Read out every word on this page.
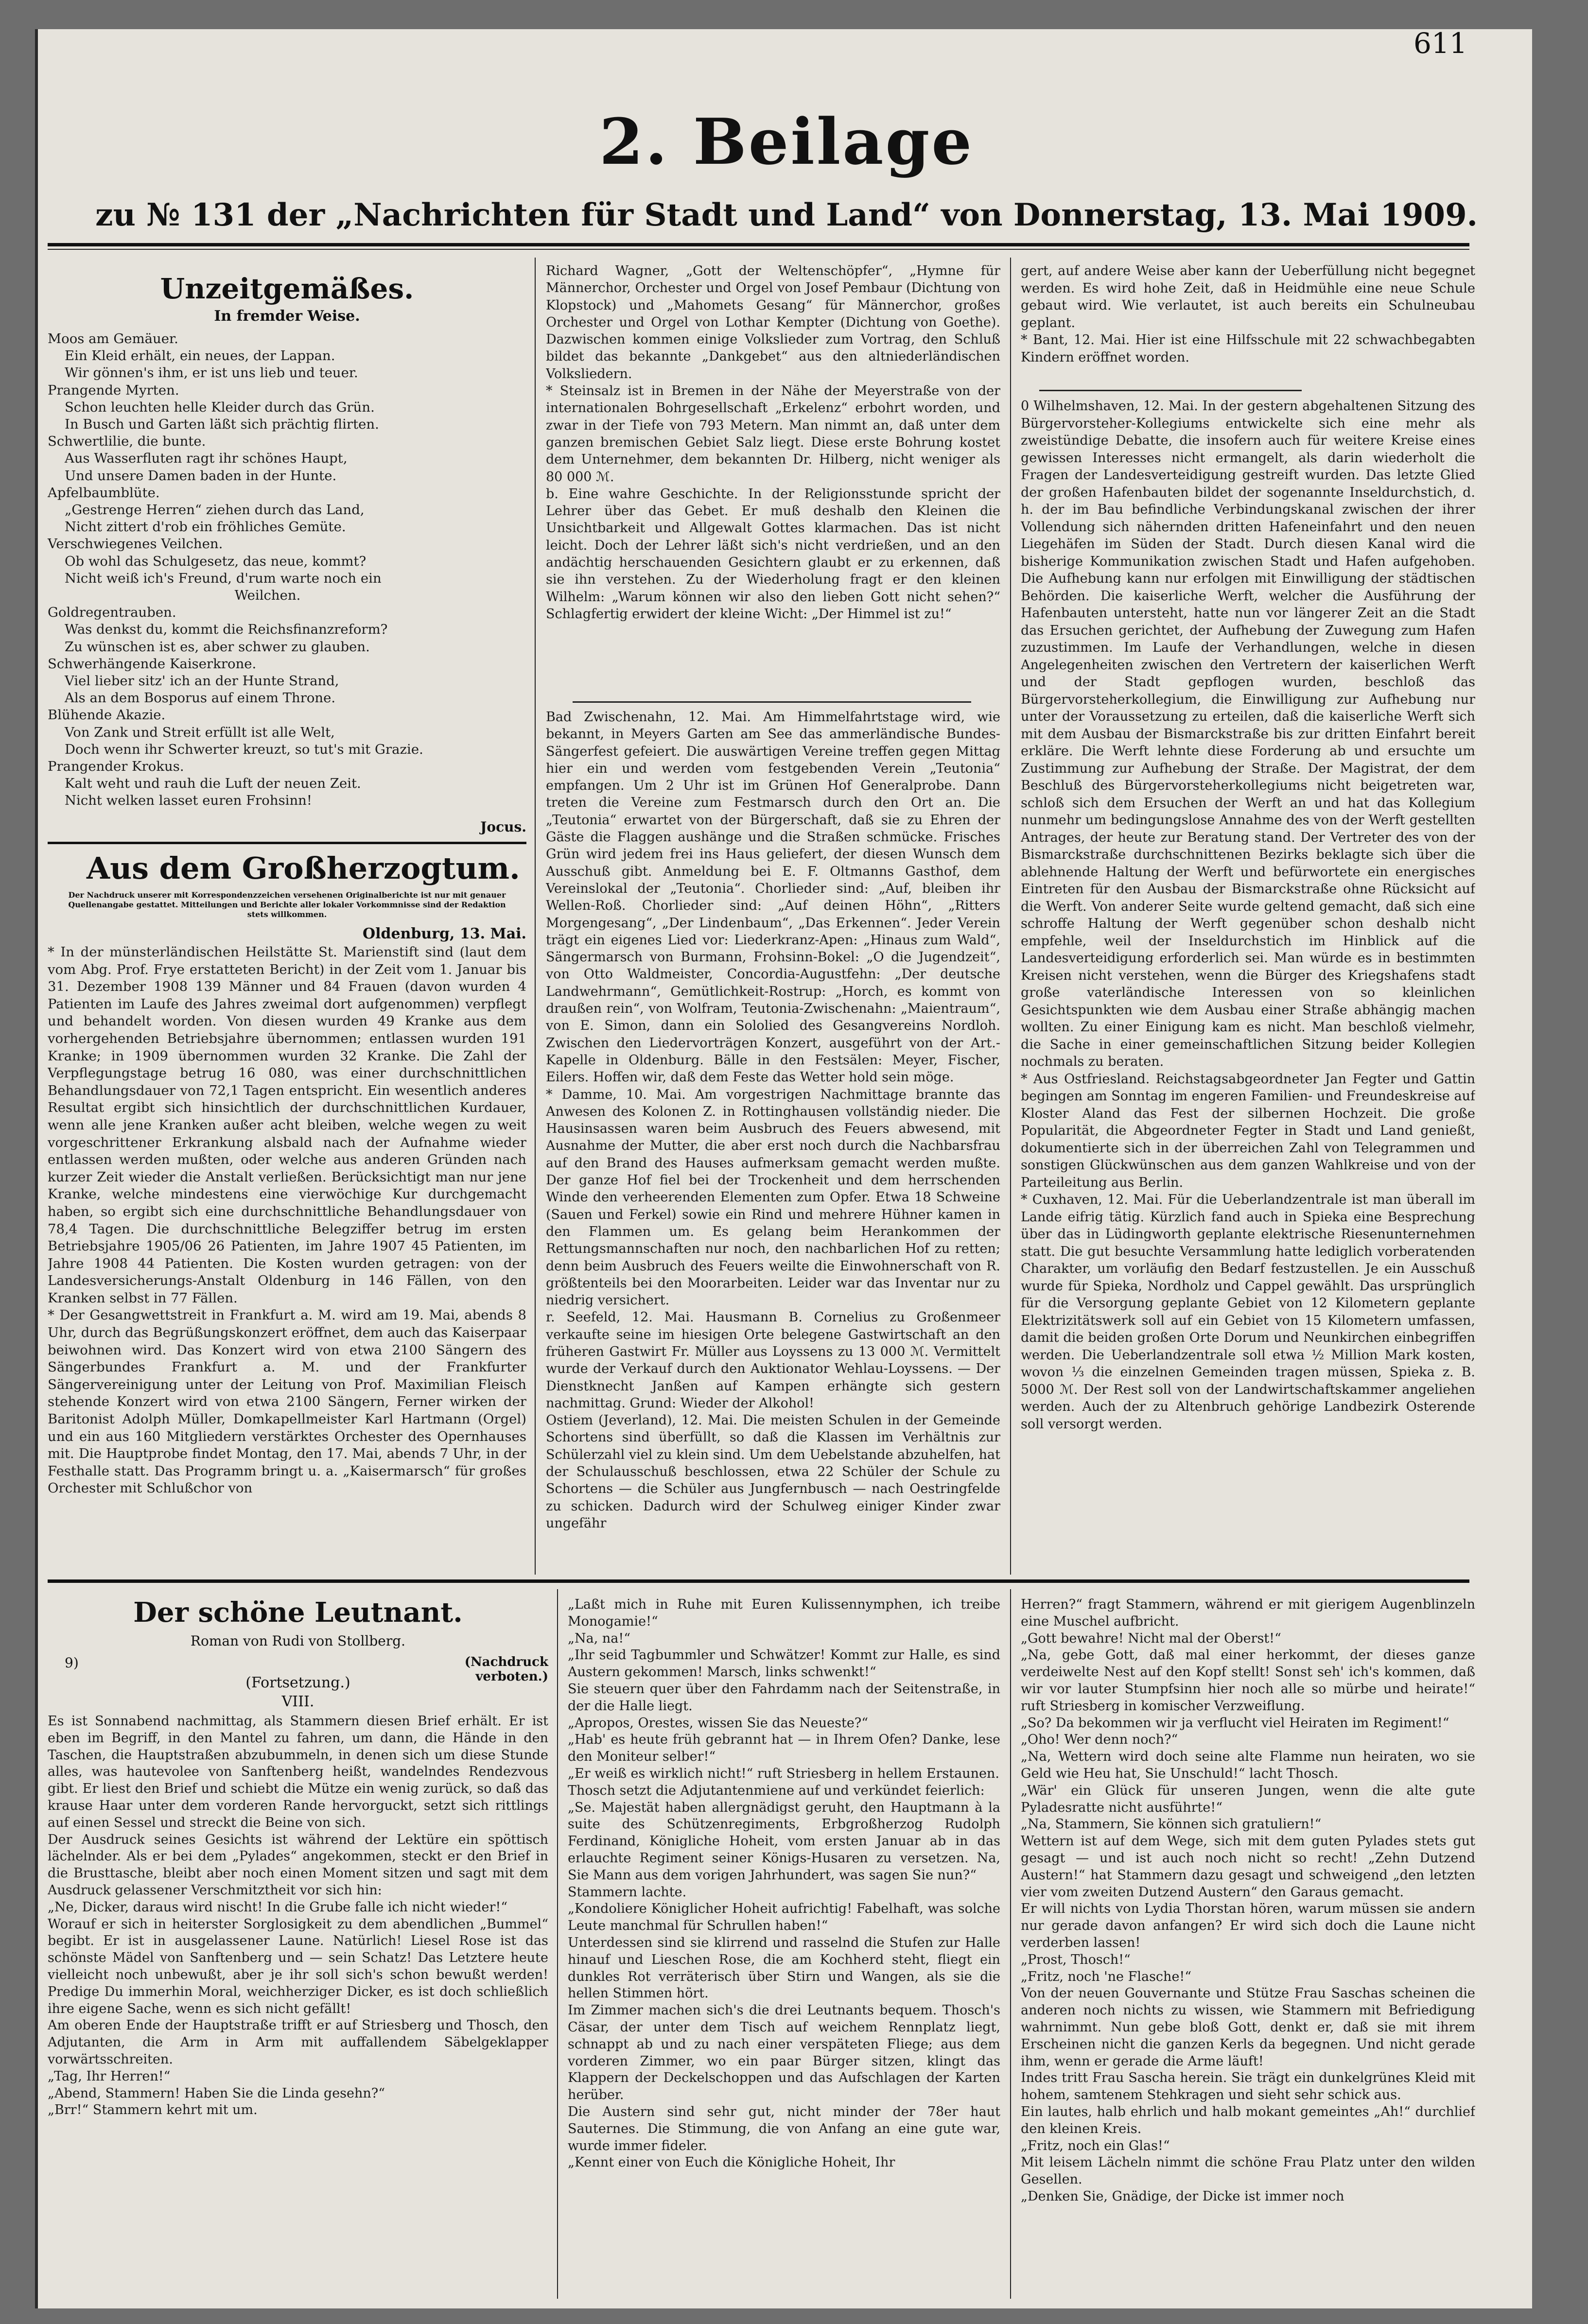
611
2. Beilage
zu № 131 der „Nachrichten für Stadt und Land“ von Donnerstag, 13. Mai 1909.
Unzeitgemäßes.
In fremder Weise.
Moos am Gemäuer.
Ein Kleid erhält, ein neues, der Lappan.
Wir gönnen's ihm, er ist uns lieb und teuer.
Prangende Myrten.
Schon leuchten helle Kleider durch das Grün.
In Busch und Garten läßt sich prächtig flirten.
Schwertlilie, die bunte.
Aus Wasserfluten ragt ihr schönes Haupt,
Und unsere Damen baden in der Hunte.
Apfelbaumblüte.
„Gestrenge Herren“ ziehen durch das Land,
Nicht zittert d'rob ein fröhliches Gemüte.
Verschwiegenes Veilchen.
Ob wohl das Schulgesetz, das neue, kommt?
Nicht weiß ich's Freund, d'rum warte noch ein
Weilchen.
Goldregentrauben.
Was denkst du, kommt die Reichsfinanzreform?
Zu wünschen ist es, aber schwer zu glauben.
Schwerhängende Kaiserkrone.
Viel lieber sitz' ich an der Hunte Strand,
Als an dem Bosporus auf einem Throne.
Blühende Akazie.
Von Zank und Streit erfüllt ist alle Welt,
Doch wenn ihr Schwerter kreuzt, so tut's mit Grazie.
Prangender Krokus.
Kalt weht und rauh die Luft der neuen Zeit.
Nicht welken lasset euren Frohsinn!
Jocus.
Aus dem Großherzogtum.
Der Nachdruck unserer mit Korrespondenzzeichen versehenen Originalberichte ist nur mit genauer Quellenangabe gestattet. Mitteilungen und Berichte aller lokaler Vorkommnisse sind der Redaktion stets willkommen.
Oldenburg, 13. Mai.

* In der münsterländischen Heilstätte St. Marienstift sind (laut dem vom Abg. Prof. Frye erstatteten Bericht) in der Zeit vom 1. Januar bis 31. Dezember 1908 139 Männer und 84 Frauen (davon wurden 4 Patienten im Laufe des Jahres zweimal dort aufgenommen) verpflegt und behandelt worden. Von diesen wurden 49 Kranke aus dem vorhergehenden Betriebsjahre übernommen; entlassen wurden 191 Kranke; in 1909 übernommen wurden 32 Kranke. Die Zahl der Verpflegungstage betrug 16 080, was einer durchschnittlichen Behandlungsdauer von 72,1 Tagen entspricht. Ein wesentlich anderes Resultat ergibt sich hinsichtlich der durchschnittlichen Kurdauer, wenn alle jene Kranken außer acht bleiben, welche wegen zu weit vorgeschrittener Erkrankung alsbald nach der Aufnahme wieder entlassen werden mußten, oder welche aus anderen Gründen nach kurzer Zeit wieder die Anstalt verließen. Berücksichtigt man nur jene Kranke, welche mindestens eine vierwöchige Kur durchgemacht haben, so ergibt sich eine durchschnittliche Behandlungsdauer von 78,4 Tagen. Die durchschnittliche Belegziffer betrug im ersten Betriebsjahre 1905/06 26 Patienten, im Jahre 1907 45 Patienten, im Jahre 1908 44 Patienten. Die Kosten wurden getragen: von der Landesversicherungs-Anstalt Oldenburg in 146 Fällen, von den Kranken selbst in 77 Fällen.
* Der Gesangwettstreit in Frankfurt a. M. wird am 19. Mai, abends 8 Uhr, durch das Begrüßungskonzert eröffnet, dem auch das Kaiserpaar beiwohnen wird. Das Konzert wird von etwa 2100 Sängern des Sängerbundes Frankfurt a. M. und der Frankfurter Sängervereinigung unter der Leitung von Prof. Maximilian Fleisch stehende Konzert wird von etwa 2100 Sängern, Ferner wirken der Baritonist Adolph Müller, Domkapellmeister Karl Hartmann (Orgel) und ein aus 160 Mitgliedern verstärktes Orchester des Opernhauses mit. Die Hauptprobe findet Montag, den 17. Mai, abends 7 Uhr, in der Festhalle statt. Das Programm bringt u. a. „Kaisermarsch“ für großes Orchester mit Schlußchor von

Richard Wagner, „Gott der Weltenschöpfer“, „Hymne für Männerchor, Orchester und Orgel von Josef Pembaur (Dichtung von Klopstock) und „Mahomets Gesang“ für Männerchor, großes Orchester und Orgel von Lothar Kempter (Dichtung von Goethe). Dazwischen kommen einige Volkslieder zum Vortrag, den Schluß bildet das bekannte „Dankgebet“ aus den altniederländischen Volksliedern.
* Steinsalz ist in Bremen in der Nähe der Meyerstraße von der internationalen Bohrgesellschaft „Erkelenz“ erbohrt worden, und zwar in der Tiefe von 793 Metern. Man nimmt an, daß unter dem ganzen bremischen Gebiet Salz liegt. Diese erste Bohrung kostet dem Unternehmer, dem bekannten Dr. Hilberg, nicht weniger als 80 000 ℳ.
b. Eine wahre Geschichte. In der Religionsstunde spricht der Lehrer über das Gebet. Er muß deshalb den Kleinen die Unsichtbarkeit und Allgewalt Gottes klarmachen. Das ist nicht leicht. Doch der Lehrer läßt sich's nicht verdrießen, und an den andächtig herschauenden Gesichtern glaubt er zu erkennen, daß sie ihn verstehen. Zu der Wiederholung fragt er den kleinen Wilhelm: „Warum können wir also den lieben Gott nicht sehen?“ Schlagfertig erwidert der kleine Wicht: „Der Himmel ist zu!“

Bad Zwischenahn, 12. Mai. Am Himmelfahrtstage wird, wie bekannt, in Meyers Garten am See das ammerländische Bundes-Sängerfest gefeiert. Die auswärtigen Vereine treffen gegen Mittag hier ein und werden vom festgebenden Verein „Teutonia“ empfangen. Um 2 Uhr ist im Grünen Hof Generalprobe. Dann treten die Vereine zum Festmarsch durch den Ort an. Die „Teutonia“ erwartet von der Bürgerschaft, daß sie zu Ehren der Gäste die Flaggen aushänge und die Straßen schmücke. Frisches Grün wird jedem frei ins Haus geliefert, der diesen Wunsch dem Ausschuß gibt. Anmeldung bei E. F. Oltmanns Gasthof, dem Vereinslokal der „Teutonia“. Chorlieder sind: „Auf, bleiben ihr Wellen-Roß. Chorlieder sind: „Auf deinen Höhn“, „Ritters Morgengesang“, „Der Lindenbaum“, „Das Erkennen“. Jeder Verein trägt ein eigenes Lied vor: Liederkranz-Apen: „Hinaus zum Wald“, Sängermarsch von Burmann, Frohsinn-Bokel: „O die Jugendzeit“, von Otto Waldmeister, Concordia-Augustfehn: „Der deutsche Landwehrmann“, Gemütlichkeit-Rostrup: „Horch, es kommt von draußen rein“, von Wolfram, Teutonia-Zwischenahn: „Maientraum“, von E. Simon, dann ein Sololied des Gesangvereins Nordloh. Zwischen den Liedervorträgen Konzert, ausgeführt von der Art.-Kapelle in Oldenburg. Bälle in den Festsälen: Meyer, Fischer, Eilers. Hoffen wir, daß dem Feste das Wetter hold sein möge.
* Damme, 10. Mai. Am vorgestrigen Nachmittage brannte das Anwesen des Kolonen Z. in Rottinghausen vollständig nieder. Die Hausinsassen waren beim Ausbruch des Feuers abwesend, mit Ausnahme der Mutter, die aber erst noch durch die Nachbarsfrau auf den Brand des Hauses aufmerksam gemacht werden mußte. Der ganze Hof fiel bei der Trockenheit und dem herrschenden Winde den verheerenden Elementen zum Opfer. Etwa 18 Schweine (Sauen und Ferkel) sowie ein Rind und mehrere Hühner kamen in den Flammen um. Es gelang beim Herankommen der Rettungsmannschaften nur noch, den nachbarlichen Hof zu retten; denn beim Ausbruch des Feuers weilte die Einwohnerschaft von R. größtenteils bei den Moorarbeiten. Leider war das Inventar nur zu niedrig versichert.
r. Seefeld, 12. Mai. Hausmann B. Cornelius zu Großenmeer verkaufte seine im hiesigen Orte belegene Gastwirtschaft an den früheren Gastwirt Fr. Müller aus Loyssens zu 13 000 ℳ. Vermittelt wurde der Verkauf durch den Auktionator Wehlau-Loyssens. — Der Dienstknecht Janßen auf Kampen erhängte sich gestern nachmittag. Grund: Wieder der Alkohol!
Ostiem (Jeverland), 12. Mai. Die meisten Schulen in der Gemeinde Schortens sind überfüllt, so daß die Klassen im Verhältnis zur Schülerzahl viel zu klein sind. Um dem Uebelstande abzuhelfen, hat der Schulausschuß beschlossen, etwa 22 Schüler der Schule zu Schortens — die Schüler aus Jungfernbusch — nach Oestringfelde zu schicken. Dadurch wird der Schulweg einiger Kinder zwar ungefähr

gert, auf andere Weise aber kann der Ueberfüllung nicht begegnet werden. Es wird hohe Zeit, daß in Heidmühle eine neue Schule gebaut wird. Wie verlautet, ist auch bereits ein Schulneubau geplant.
* Bant, 12. Mai. Hier ist eine Hilfsschule mit 22 schwachbegabten Kindern eröffnet worden.

0 Wilhelmshaven, 12. Mai. In der gestern abgehaltenen Sitzung des Bürgervorsteher-Kollegiums entwickelte sich eine mehr als zweistündige Debatte, die insofern auch für weitere Kreise eines gewissen Interesses nicht ermangelt, als darin wiederholt die Fragen der Landesverteidigung gestreift wurden. Das letzte Glied der großen Hafenbauten bildet der sogenannte Inseldurchstich, d. h. der im Bau befindliche Verbindungskanal zwischen der ihrer Vollendung sich nähernden dritten Hafeneinfahrt und den neuen Liegehäfen im Süden der Stadt. Durch diesen Kanal wird die bisherige Kommunikation zwischen Stadt und Hafen aufgehoben. Die Aufhebung kann nur erfolgen mit Einwilligung der städtischen Behörden. Die kaiserliche Werft, welcher die Ausführung der Hafenbauten untersteht, hatte nun vor längerer Zeit an die Stadt das Ersuchen gerichtet, der Aufhebung der Zuwegung zum Hafen zuzustimmen. Im Laufe der Verhandlungen, welche in diesen Angelegenheiten zwischen den Vertretern der kaiserlichen Werft und der Stadt gepflogen wurden, beschloß das Bürgervorsteherkollegium, die Einwilligung zur Aufhebung nur unter der Voraussetzung zu erteilen, daß die kaiserliche Werft sich mit dem Ausbau der Bismarckstraße bis zur dritten Einfahrt bereit erkläre. Die Werft lehnte diese Forderung ab und ersuchte um Zustimmung zur Aufhebung der Straße. Der Magistrat, der dem Beschluß des Bürgervorsteherkollegiums nicht beigetreten war, schloß sich dem Ersuchen der Werft an und hat das Kollegium nunmehr um bedingungslose Annahme des von der Werft gestellten Antrages, der heute zur Beratung stand. Der Vertreter des von der Bismarckstraße durchschnittenen Bezirks beklagte sich über die ablehnende Haltung der Werft und befürwortete ein energisches Eintreten für den Ausbau der Bismarckstraße ohne Rücksicht auf die Werft. Von anderer Seite wurde geltend gemacht, daß sich eine schroffe Haltung der Werft gegenüber schon deshalb nicht empfehle, weil der Inseldurchstich im Hinblick auf die Landesverteidigung erforderlich sei. Man würde es in bestimmten Kreisen nicht verstehen, wenn die Bürger des Kriegshafens stadt große vaterländische Interessen von so kleinlichen Gesichtspunkten wie dem Ausbau einer Straße abhängig machen wollten. Zu einer Einigung kam es nicht. Man beschloß vielmehr, die Sache in einer gemeinschaftlichen Sitzung beider Kollegien nochmals zu beraten.
* Aus Ostfriesland. Reichstagsabgeordneter Jan Fegter und Gattin begingen am Sonntag im engeren Familien- und Freundeskreise auf Kloster Aland das Fest der silbernen Hochzeit. Die große Popularität, die Abgeordneter Fegter in Stadt und Land genießt, dokumentierte sich in der überreichen Zahl von Telegrammen und sonstigen Glückwünschen aus dem ganzen Wahlkreise und von der Parteileitung aus Berlin.
* Cuxhaven, 12. Mai. Für die Ueberlandzentrale ist man überall im Lande eifrig tätig. Kürzlich fand auch in Spieka eine Besprechung über das in Lüdingworth geplante elektrische Riesenunternehmen statt. Die gut besuchte Versammlung hatte lediglich vorberatenden Charakter, um vorläufig den Bedarf festzustellen. Je ein Ausschuß wurde für Spieka, Nordholz und Cappel gewählt. Das ursprünglich für die Versorgung geplante Gebiet von 12 Kilometern geplante Elektrizitätswerk soll auf ein Gebiet von 15 Kilometern umfassen, damit die beiden großen Orte Dorum und Neunkirchen einbegriffen werden. Die Ueberlandzentrale soll etwa ½ Million Mark kosten, wovon ⅓ die einzelnen Gemeinden tragen müssen, Spieka z. B. 5000 ℳ. Der Rest soll von der Landwirtschaftskammer angeliehen werden. Auch der zu Altenbruch gehörige Landbezirk Osterende soll versorgt werden.

Der schöne Leutnant.
Roman von Rudi von Stollberg.
9)	(Nachdruck verboten.)
(Fortsetzung.)
VIII.

Es ist Sonnabend nachmittag, als Stammern diesen Brief erhält. Er ist eben im Begriff, in den Mantel zu fahren, um dann, die Hände in den Taschen, die Hauptstraßen abzubummeln, in denen sich um diese Stunde alles, was hautevolee von Sanftenberg heißt, wandelndes Rendezvous gibt. Er liest den Brief und schiebt die Mütze ein wenig zurück, so daß das krause Haar unter dem vorderen Rande hervorguckt, setzt sich rittlings auf einen Sessel und streckt die Beine von sich.
Der Ausdruck seines Gesichts ist während der Lektüre ein spöttisch lächelnder. Als er bei dem „Pylades“ angekommen, steckt er den Brief in die Brusttasche, bleibt aber noch einen Moment sitzen und sagt mit dem Ausdruck gelassener Verschmitztheit vor sich hin:
„Ne, Dicker, daraus wird nischt! In die Grube falle ich nicht wieder!“
Worauf er sich in heiterster Sorglosigkeit zu dem abendlichen „Bummel“ begibt. Er ist in ausgelassener Laune. Natürlich! Liesel Rose ist das schönste Mädel von Sanftenberg und — sein Schatz! Das Letztere heute vielleicht noch unbewußt, aber je ihr soll sich's schon bewußt werden! Predige Du immerhin Moral, weichherziger Dicker, es ist doch schließlich ihre eigene Sache, wenn es sich nicht gefällt!
Am oberen Ende der Hauptstraße trifft er auf Striesberg und Thosch, den Adjutanten, die Arm in Arm mit auffallendem Säbelgeklapper vorwärtsschreiten.
„Tag, Ihr Herren!“
„Abend, Stammern! Haben Sie die Linda gesehn?“
„Brr!“ Stammern kehrt mit um.

„Laßt mich in Ruhe mit Euren Kulissennymphen, ich treibe Monogamie!“
„Na, na!“
„Ihr seid Tagbummler und Schwätzer! Kommt zur Halle, es sind Austern gekommen! Marsch, links schwenkt!“
Sie steuern quer über den Fahrdamm nach der Seitenstraße, in der die Halle liegt.
„Apropos, Orestes, wissen Sie das Neueste?“
„Hab' es heute früh gebrannt hat — in Ihrem Ofen? Danke, lese den Moniteur selber!“
„Er weiß es wirklich nicht!“ ruft Striesberg in hellem Erstaunen.
Thosch setzt die Adjutantenmiene auf und verkündet feierlich:
„Se. Majestät haben allergnädigst geruht, den Hauptmann à la suite des Schützenregiments, Erbgroßherzog Rudolph Ferdinand, Königliche Hoheit, vom ersten Januar ab in das erlauchte Regiment seiner Königs-Husaren zu versetzen. Na, Sie Mann aus dem vorigen Jahrhundert, was sagen Sie nun?“
Stammern lachte.
„Kondoliere Königlicher Hoheit aufrichtig! Fabelhaft, was solche Leute manchmal für Schrullen haben!“
Unterdessen sind sie klirrend und rasselnd die Stufen zur Halle hinauf und Lieschen Rose, die am Kochherd steht, fliegt ein dunkles Rot verräterisch über Stirn und Wangen, als sie die hellen Stimmen hört.
Im Zimmer machen sich's die drei Leutnants bequem. Thosch's Cäsar, der unter dem Tisch auf weichem Rennplatz liegt, schnappt ab und zu nach einer verspäteten Fliege; aus dem vorderen Zimmer, wo ein paar Bürger sitzen, klingt das Klappern der Deckelschoppen und das Aufschlagen der Karten herüber.
Die Austern sind sehr gut, nicht minder der 78er haut Sauternes. Die Stimmung, die von Anfang an eine gute war, wurde immer fideler.
„Kennt einer von Euch die Königliche Hoheit, Ihr

Herren?“ fragt Stammern, während er mit gierigem Augenblinzeln eine Muschel aufbricht.
„Gott bewahre! Nicht mal der Oberst!“
„Na, gebe Gott, daß mal einer herkommt, der dieses ganze verdeiwelte Nest auf den Kopf stellt! Sonst seh' ich's kommen, daß wir vor lauter Stumpfsinn hier noch alle so mürbe und heirate!“ ruft Striesberg in komischer Verzweiflung.
„So? Da bekommen wir ja verflucht viel Heiraten im Regiment!“
„Oho! Wer denn noch?“
„Na, Wettern wird doch seine alte Flamme nun heiraten, wo sie Geld wie Heu hat, Sie Unschuld!“ lacht Thosch.
„Wär' ein Glück für unseren Jungen, wenn die alte gute Pyladesratte nicht ausführte!“
„Na, Stammern, Sie können sich gratuliern!“
Wettern ist auf dem Wege, sich mit dem guten Pylades stets gut gesagt — und ist auch noch nicht so recht! „Zehn Dutzend Austern!“ hat Stammern dazu gesagt und schweigend „den letzten vier vom zweiten Dutzend Austern“ den Garaus gemacht.
Er will nichts von Lydia Thorstan hören, warum müssen sie andern nur gerade davon anfangen? Er wird sich doch die Laune nicht verderben lassen!
„Prost, Thosch!“
„Fritz, noch 'ne Flasche!“
Von der neuen Gouvernante und Stütze Frau Saschas scheinen die anderen noch nichts zu wissen, wie Stammern mit Befriedigung wahrnimmt. Nun gebe bloß Gott, denkt er, daß sie mit ihrem Erscheinen nicht die ganzen Kerls da begegnen. Und nicht gerade ihm, wenn er gerade die Arme läuft!
Indes tritt Frau Sascha herein. Sie trägt ein dunkelgrünes Kleid mit hohem, samtenem Stehkragen und sieht sehr schick aus.
Ein lautes, halb ehrlich und halb mokant gemeintes „Ah!“ durchlief den kleinen Kreis.
„Fritz, noch ein Glas!“
Mit leisem Lächeln nimmt die schöne Frau Platz unter den wilden Gesellen.
„Denken Sie, Gnädige, der Dicke ist immer noch
